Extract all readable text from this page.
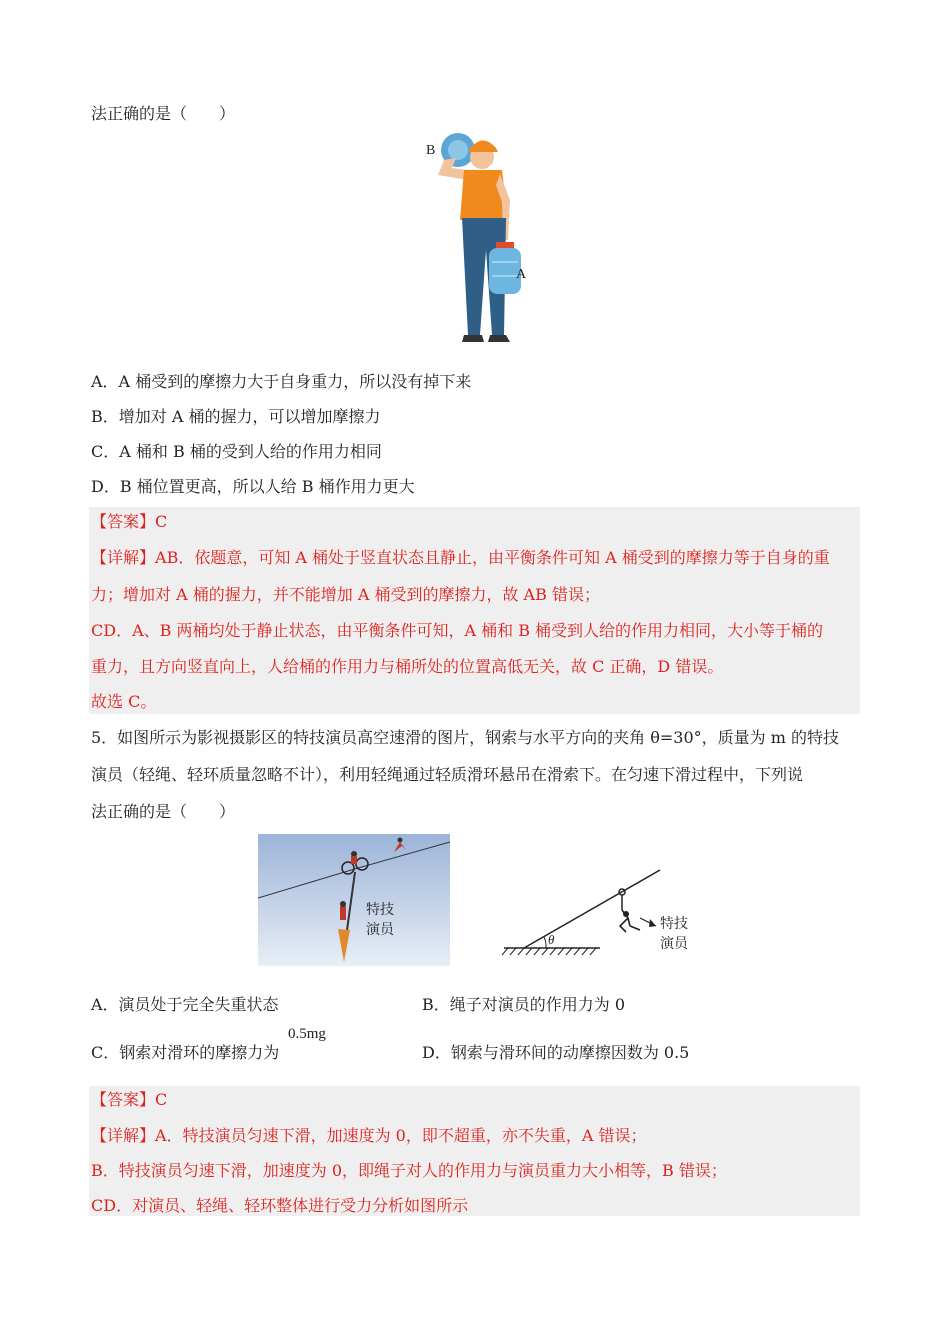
法正确的是（　　）
B
A
A．A 桶受到的摩擦力大于自身重力，所以没有掉下来
B．增加对 A 桶的握力，可以增加摩擦力
C．A 桶和 B 桶的受到人给的作用力相同
D．B 桶位置更高，所以人给 B 桶作用力更大
【答案】C
【详解】AB．依题意，可知 A 桶处于竖直状态且静止，由平衡条件可知 A 桶受到的摩擦力等于自身的重
力；增加对 A 桶的握力，并不能增加 A 桶受到的摩擦力，故 AB 错误；
CD．A、B 两桶均处于静止状态，由平衡条件可知，A 桶和 B 桶受到人给的作用力相同，大小等于桶的
重力，且方向竖直向上，人给桶的作用力与桶所处的位置高低无关，故 C 正确，D 错误。
故选 C。
5．如图所示为影视摄影区的特技演员高空速滑的图片，钢索与水平方向的夹角 θ=30°，质量为 m 的特技
演员（轻绳、轻环质量忽略不计），利用轻绳通过轻质滑环悬吊在滑索下。在匀速下滑过程中，下列说
法正确的是（　　）
特技
演员
θ
特技
演员
A．演员处于完全失重状态	B．绳子对演员的作用力为 0
0.5mg
C．钢索对滑环的摩擦力为	D．钢索与滑环间的动摩擦因数为 0.5
【答案】C
【详解】A．特技演员匀速下滑，加速度为 0，即不超重，亦不失重，A 错误；
B．特技演员匀速下滑，加速度为 0，即绳子对人的作用力与演员重力大小相等，B 错误；
CD．对演员、轻绳、轻环整体进行受力分析如图所示
